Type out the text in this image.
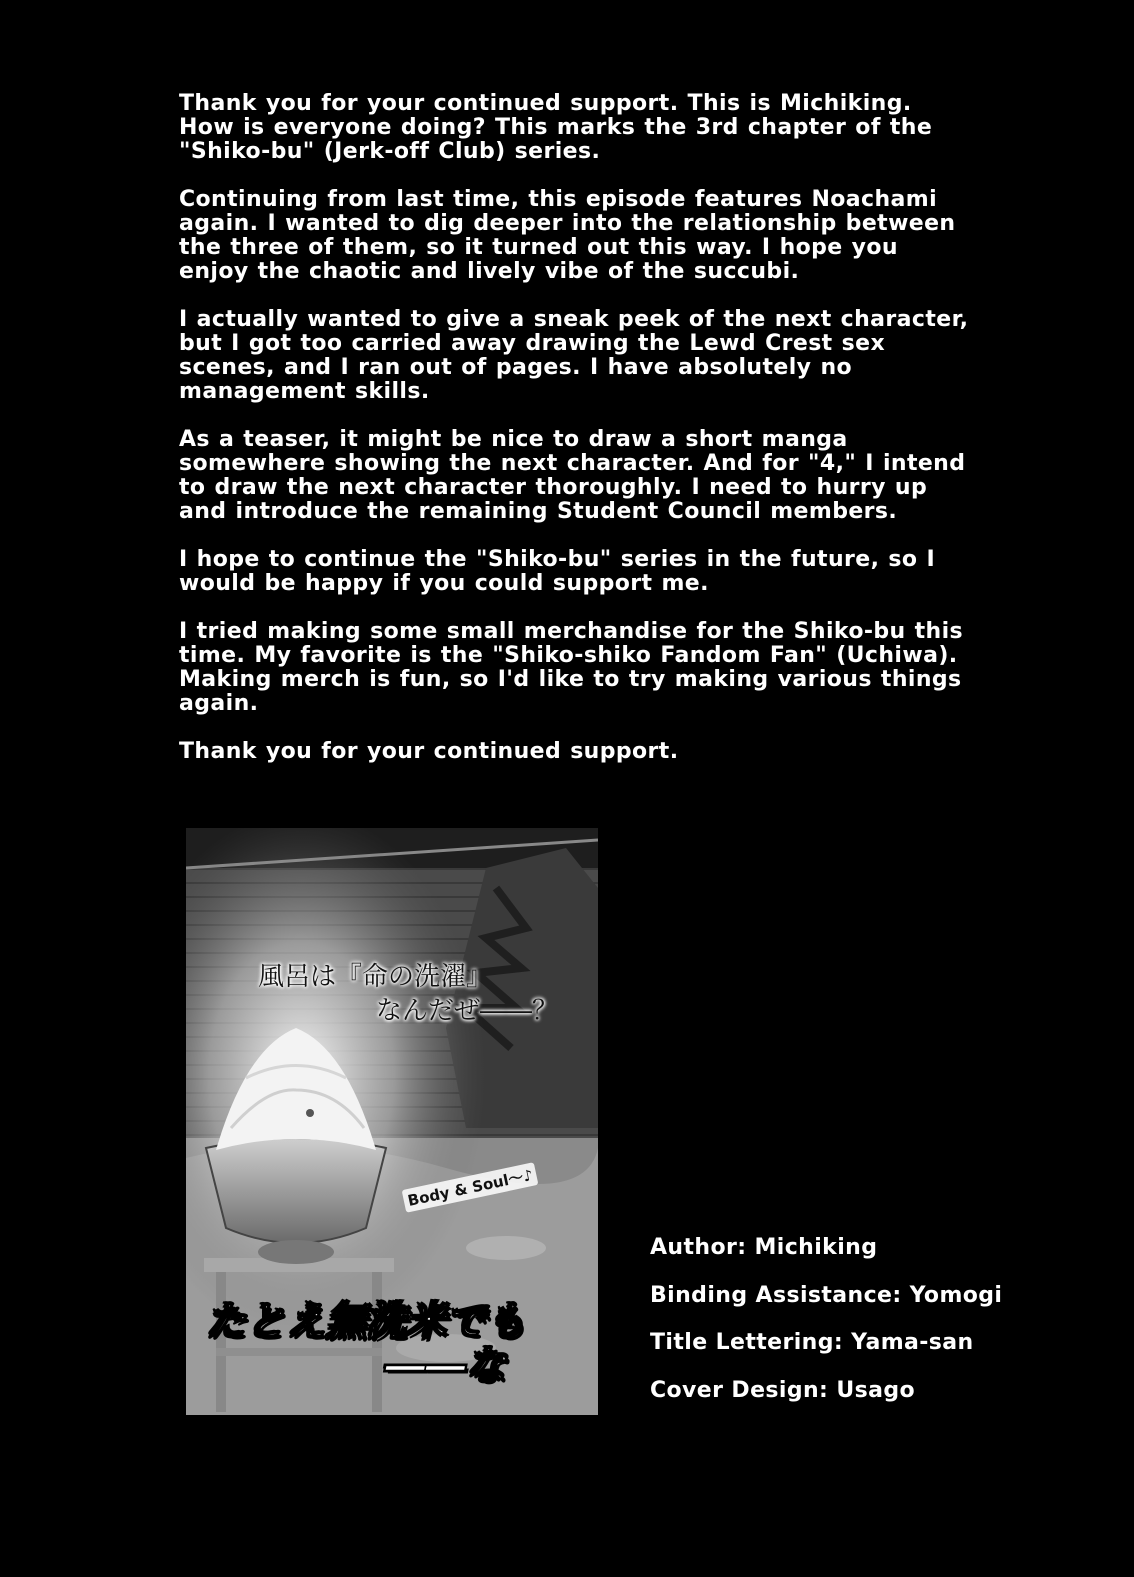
Thank you for your continued support. This is Michiking. How is everyone doing? This marks the 3rd chapter of the "Shiko-bu" (Jerk-off Club) series.

Continuing from last time, this episode features Noachami again. I wanted to dig deeper into the relationship between the three of them, so it turned out this way. I hope you enjoy the chaotic and lively vibe of the succubi.

I actually wanted to give a sneak peek of the next character, but I got too carried away drawing the Lewd Crest sex scenes, and I ran out of pages. I have absolutely no management skills.

As a teaser, it might be nice to draw a short manga somewhere showing the next character. And for "4," I intend to draw the next character thoroughly. I need to hurry up and introduce the remaining Student Council members.

I hope to continue the "Shiko-bu" series in the future, so I would be happy if you could support me.

I tried making some small merchandise for the Shiko-bu this time. My favorite is the "Shiko-shiko Fandom Fan" (Uchiwa). Making merch is fun, so I'd like to try making various things again.

Thank you for your continued support.

風呂は『命の洗濯』
なんだぜ――？
Body & Soul～♪
たとえ無洗米でも
――な
Author: Michiking
Binding Assistance: Yomogi
Title Lettering: Yama-san
Cover Design: Usago
